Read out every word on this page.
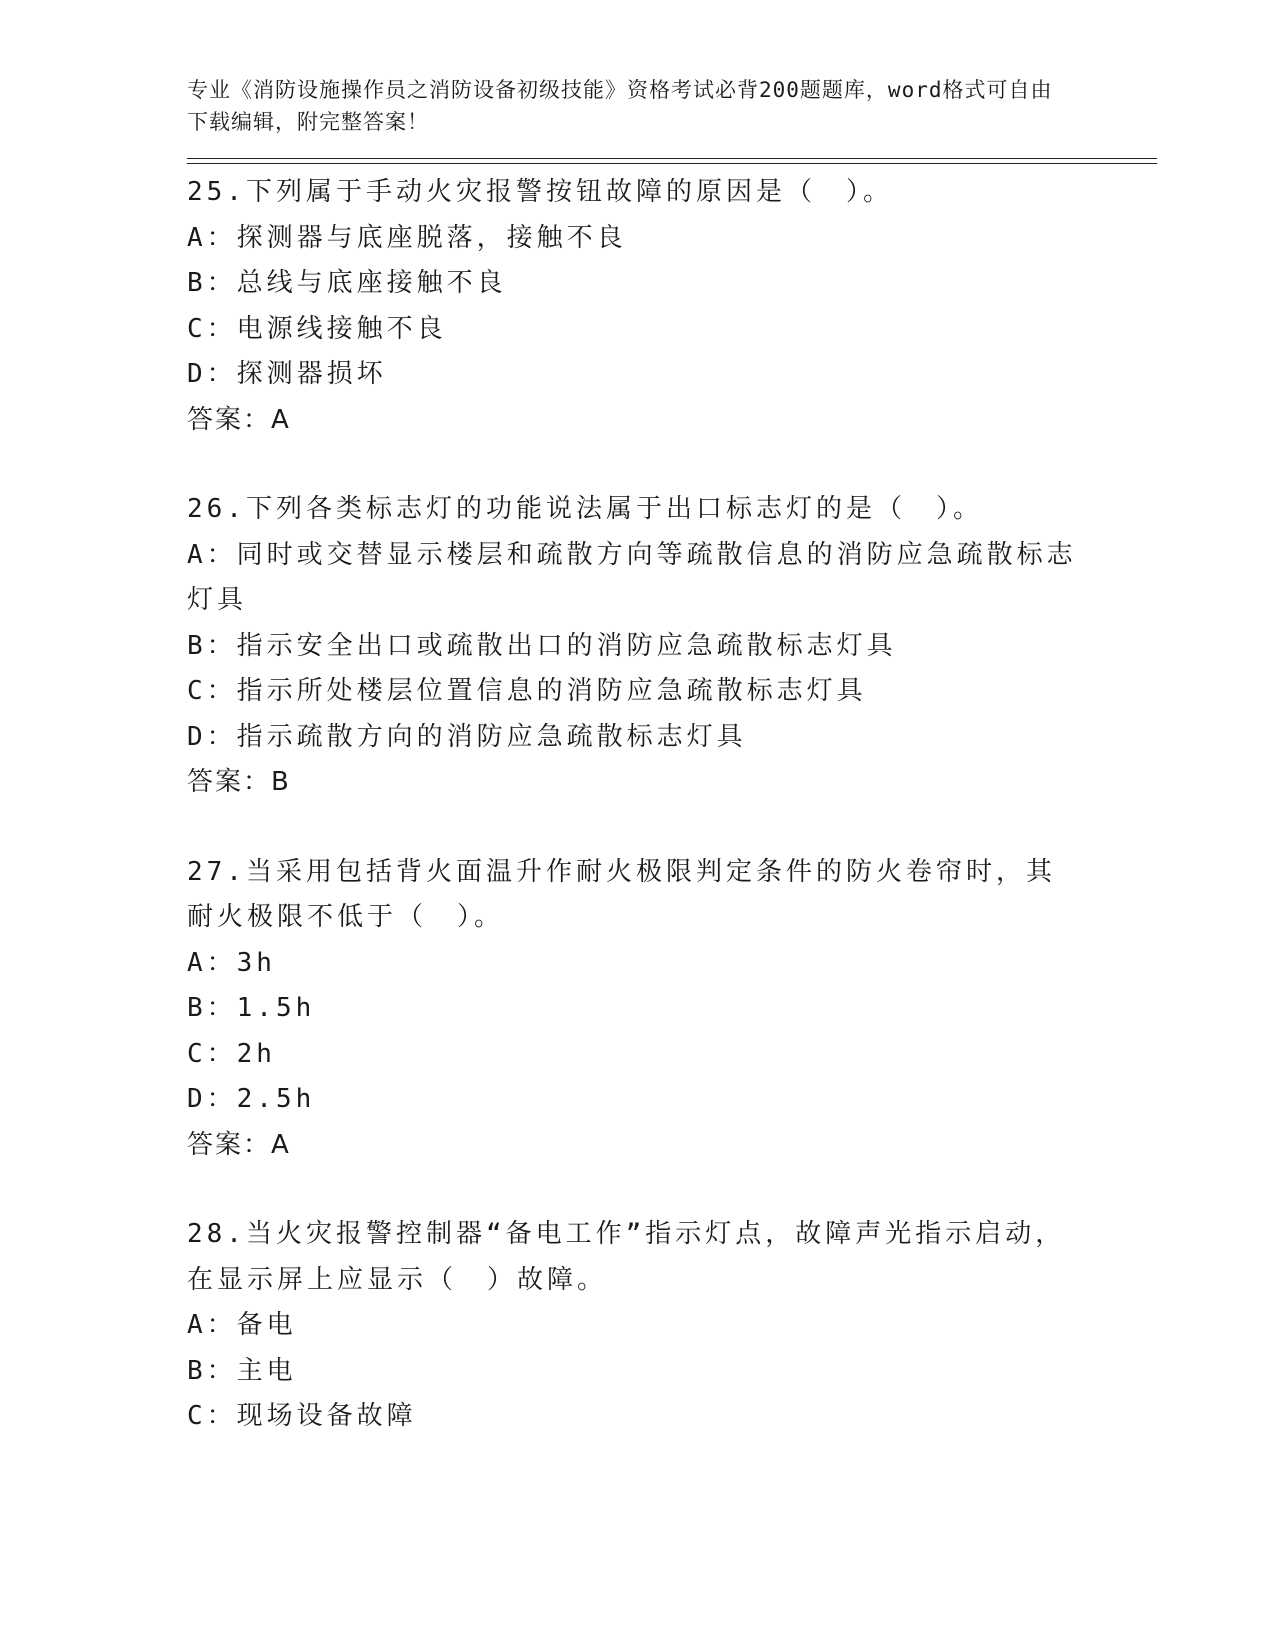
专业《消防设施操作员之消防设备初级技能》资格考试必背200题题库，word格式可自由下载编辑，附完整答案！
25.下列属于手动火灾报警按钮故障的原因是（　）。
A：探测器与底座脱落，接触不良
B：总线与底座接触不良
C：电源线接触不良
D：探测器损坏
答案：A
26.下列各类标志灯的功能说法属于出口标志灯的是（　）。
A：同时或交替显示楼层和疏散方向等疏散信息的消防应急疏散标志灯具
B：指示安全出口或疏散出口的消防应急疏散标志灯具
C：指示所处楼层位置信息的消防应急疏散标志灯具
D：指示疏散方向的消防应急疏散标志灯具
答案：B
27.当采用包括背火面温升作耐火极限判定条件的防火卷帘时，其耐火极限不低于（　）。
A：3h
B：1.5h
C：2h
D：2.5h
答案：A
28.当火灾报警控制器“备电工作”指示灯点，故障声光指示启动，在显示屏上应显示（　）故障。
A：备电
B：主电
C：现场设备故障
